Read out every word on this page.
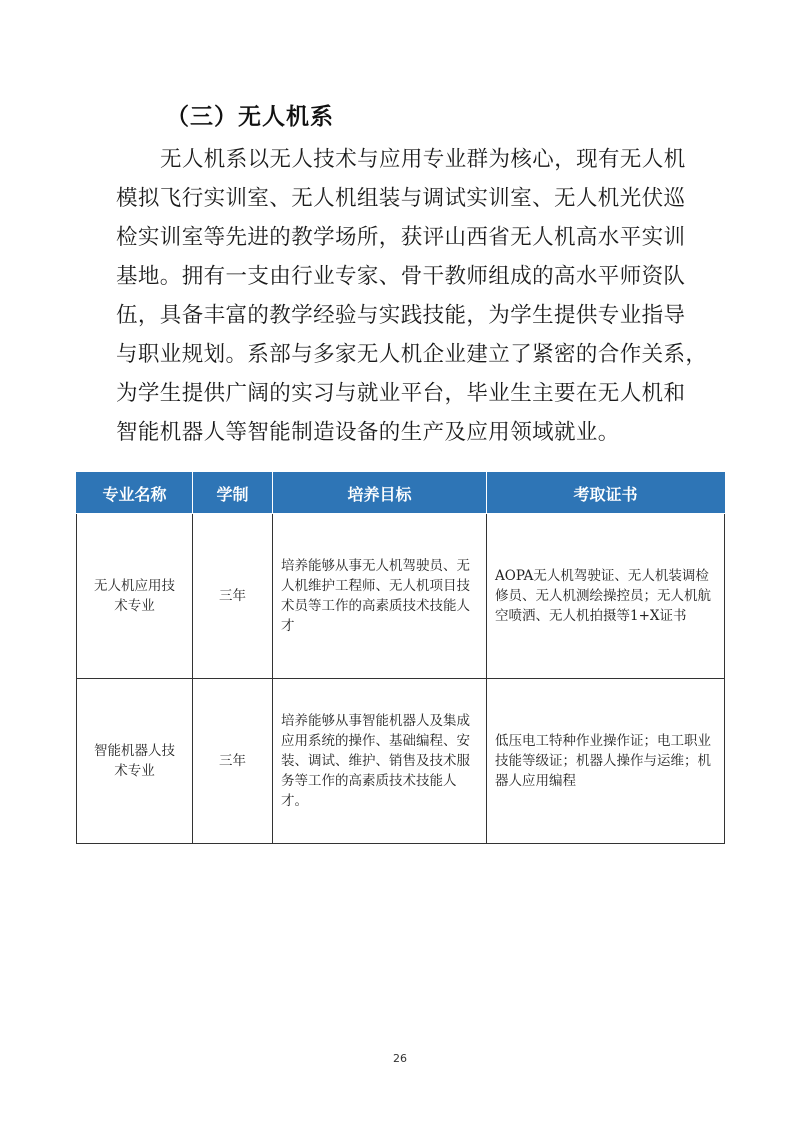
（三）无人机系
无人机系以无人技术与应用专业群为核心，现有无人机
模拟飞行实训室、无人机组装与调试实训室、无人机光伏巡
检实训室等先进的教学场所，获评山西省无人机高水平实训
基地。拥有一支由行业专家、骨干教师组成的高水平师资队
伍，具备丰富的教学经验与实践技能，为学生提供专业指导
与职业规划。系部与多家无人机企业建立了紧密的合作关系，
为学生提供广阔的实习与就业平台，毕业生主要在无人机和
智能机器人等智能制造设备的生产及应用领域就业。
专业名称	学制	培养目标	考取证书
无人机应用技术专业	三年	培养能够从事无人机驾驶员、无人机维护工程师、无人机项目技术员等工作的高素质技术技能人才	AOPA无人机驾驶证、无人机装调检修员、无人机测绘操控员；无人机航空喷洒、无人机拍摄等1+X证书
智能机器人技术专业	三年	培养能够从事智能机器人及集成应用系统的操作、基础编程、安装、调试、维护、销售及技术服务等工作的高素质技术技能人才。	低压电工特种作业操作证；电工职业技能等级证；机器人操作与运维；机器人应用编程
26
